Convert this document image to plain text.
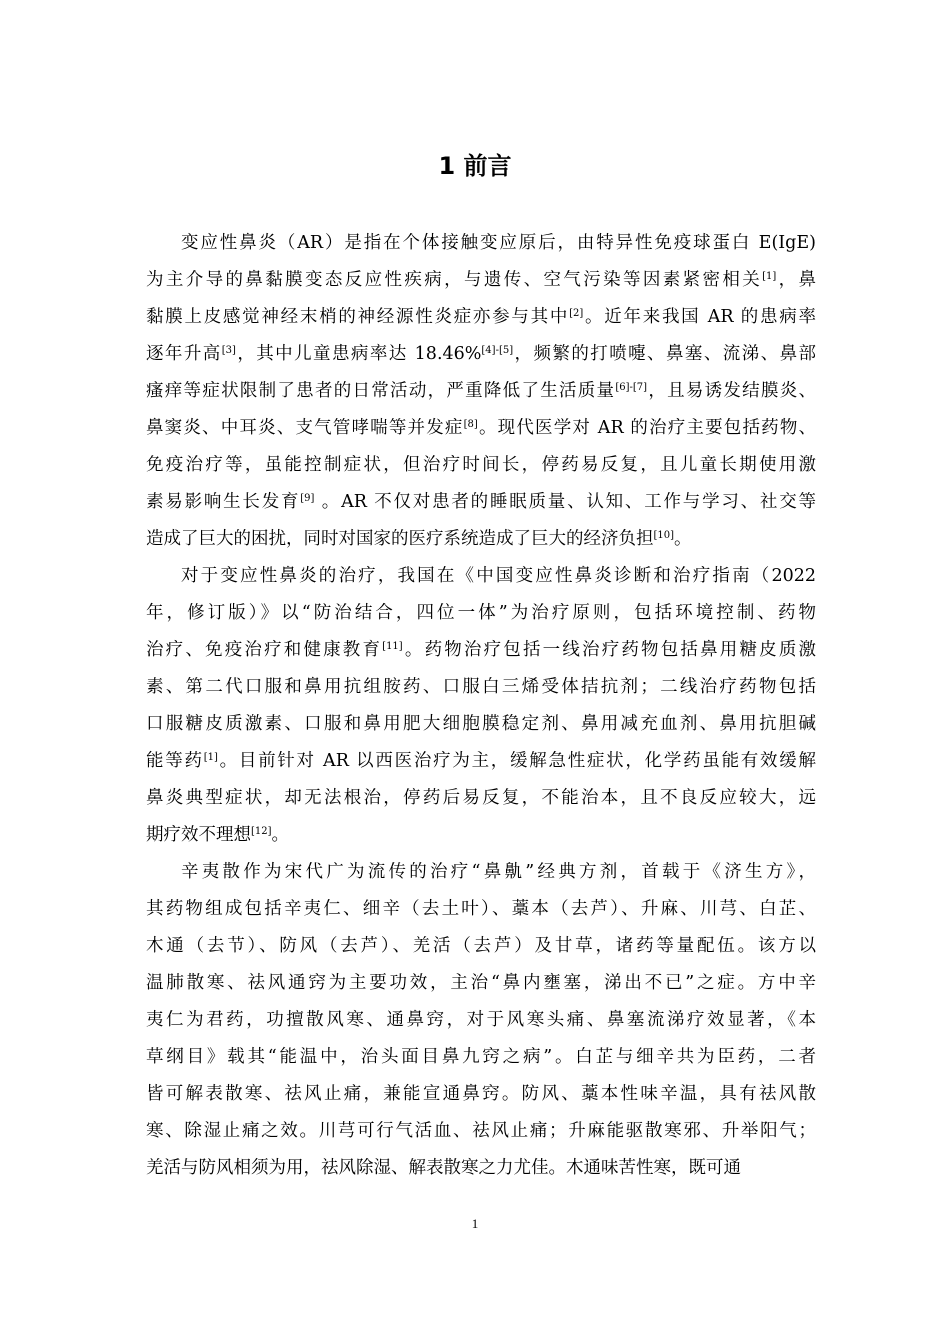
1 前言
变应性鼻炎（AR）是指在个体接触变应原后，由特异性免疫球蛋白 E(IgE)
为主介导的鼻黏膜变态反应性疾病，与遗传、空气污染等因素紧密相关[1]，鼻
黏膜上皮感觉神经末梢的神经源性炎症亦参与其中[2]。近年来我国 AR 的患病率
逐年升高[3]，其中儿童患病率达 18.46%[4]-[5]，频繁的打喷嚏、鼻塞、流涕、鼻部
瘙痒等症状限制了患者的日常活动，严重降低了生活质量[6]-[7]，且易诱发结膜炎、
鼻窦炎、中耳炎、支气管哮喘等并发症[8]。现代医学对 AR 的治疗主要包括药物、
免疫治疗等，虽能控制症状，但治疗时间长，停药易反复，且儿童长期使用激
素易影响生长发育[9] 。AR 不仅对患者的睡眠质量、认知、工作与学习、社交等
造成了巨大的困扰，同时对国家的医疗系统造成了巨大的经济负担[10]。
对于变应性鼻炎的治疗，我国在《中国变应性鼻炎诊断和治疗指南（2022
年，修订版）》以“防治结合，四位一体”为治疗原则，包括环境控制、药物
治疗、免疫治疗和健康教育[11]。药物治疗包括一线治疗药物包括鼻用糖皮质激
素、第二代口服和鼻用抗组胺药、口服白三烯受体拮抗剂；二线治疗药物包括
口服糖皮质激素、口服和鼻用肥大细胞膜稳定剂、鼻用减充血剂、鼻用抗胆碱
能等药[1]。目前针对 AR 以西医治疗为主，缓解急性症状，化学药虽能有效缓解
鼻炎典型症状，却无法根治，停药后易反复，不能治本，且不良反应较大，远
期疗效不理想[12]。
辛夷散作为宋代广为流传的治疗“鼻鼽”经典方剂，首载于《济生方》，
其药物组成包括辛夷仁、细辛（去土叶）、藁本（去芦）、升麻、川芎、白芷、
木通（去节）、防风（去芦）、羌活（去芦）及甘草，诸药等量配伍。该方以
温肺散寒、祛风通窍为主要功效，主治“鼻内壅塞，涕出不已”之症。方中辛
夷仁为君药，功擅散风寒、通鼻窍，对于风寒头痛、鼻塞流涕疗效显著，《本
草纲目》载其“能温中，治头面目鼻九窍之病”。白芷与细辛共为臣药，二者
皆可解表散寒、祛风止痛，兼能宣通鼻窍。防风、藁本性味辛温，具有祛风散
寒、除湿止痛之效。川芎可行气活血、祛风止痛；升麻能驱散寒邪、升举阳气；
羌活与防风相须为用，祛风除湿、解表散寒之力尤佳。木通味苦性寒，既可通
1
